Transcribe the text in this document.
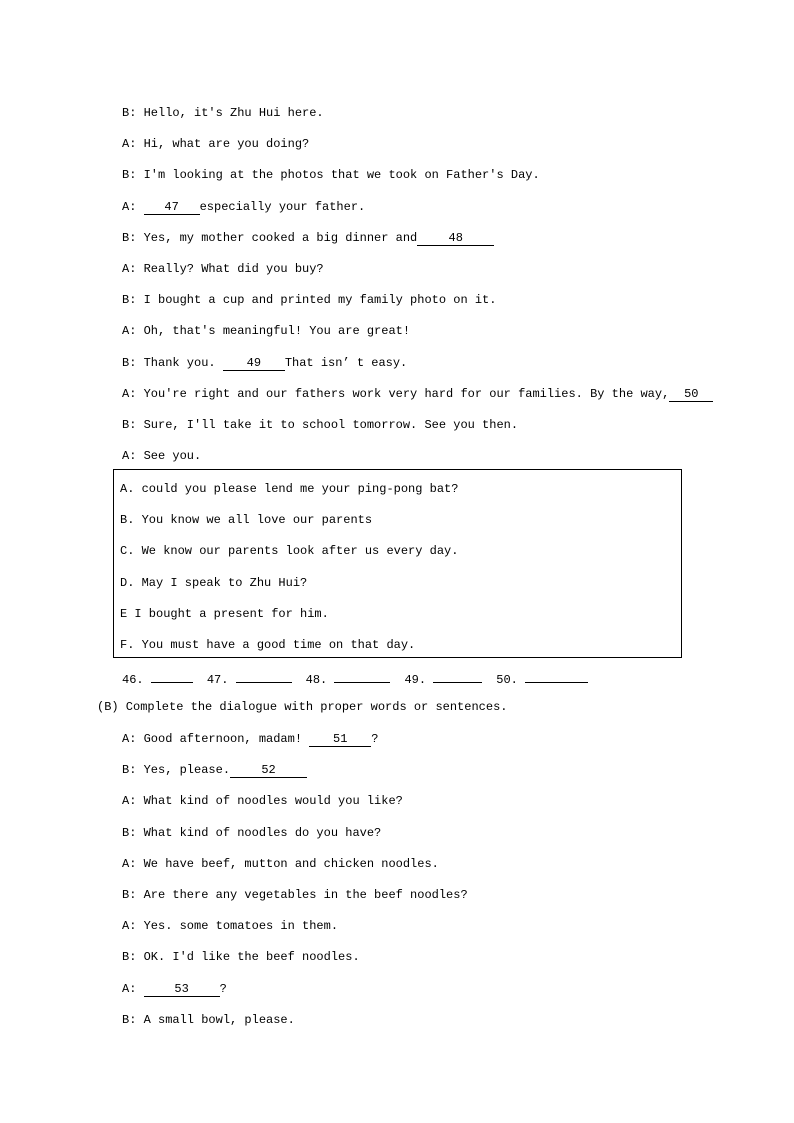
B: Hello, it's Zhu Hui here.
A: Hi, what are you doing?
B: I'm looking at the photos that we took on Father's Day.
A: 47 especially your father.
B: Yes, my mother cooked a big dinner and	48
A: Really? What did you buy?
B: I bought a cup and printed my family photo on it.
A: Oh, that's meaningful! You are great!
B: Thank you. 49 That isn’ t easy.
A: You're right and our fathers work very hard for our families. By the way, 50
B: Sure, I'll take it to school tomorrow. See you then.
A: See you.
A. could you please lend me your ping-pong bat?
B. You know we all love our parents
C. We know our parents look after us every day.
D. May I speak to Zhu Hui?
E I bought a present for him.
F. You must have a good time on that day.
46.	47.	48.	49.	50.
(B) Complete the dialogue with proper words or sentences.
A: Good afternoon, madam! 51 ?
B: Yes, please.	52
A: What kind of noodles would you like?
B: What kind of noodles do you have?
A: We have beef, mutton and chicken noodles.
B: Are there any vegetables in the beef noodles?
A: Yes. some tomatoes in them.
B: OK. I'd like the beef noodles.
A:	53	?
B: A small bowl, please.
